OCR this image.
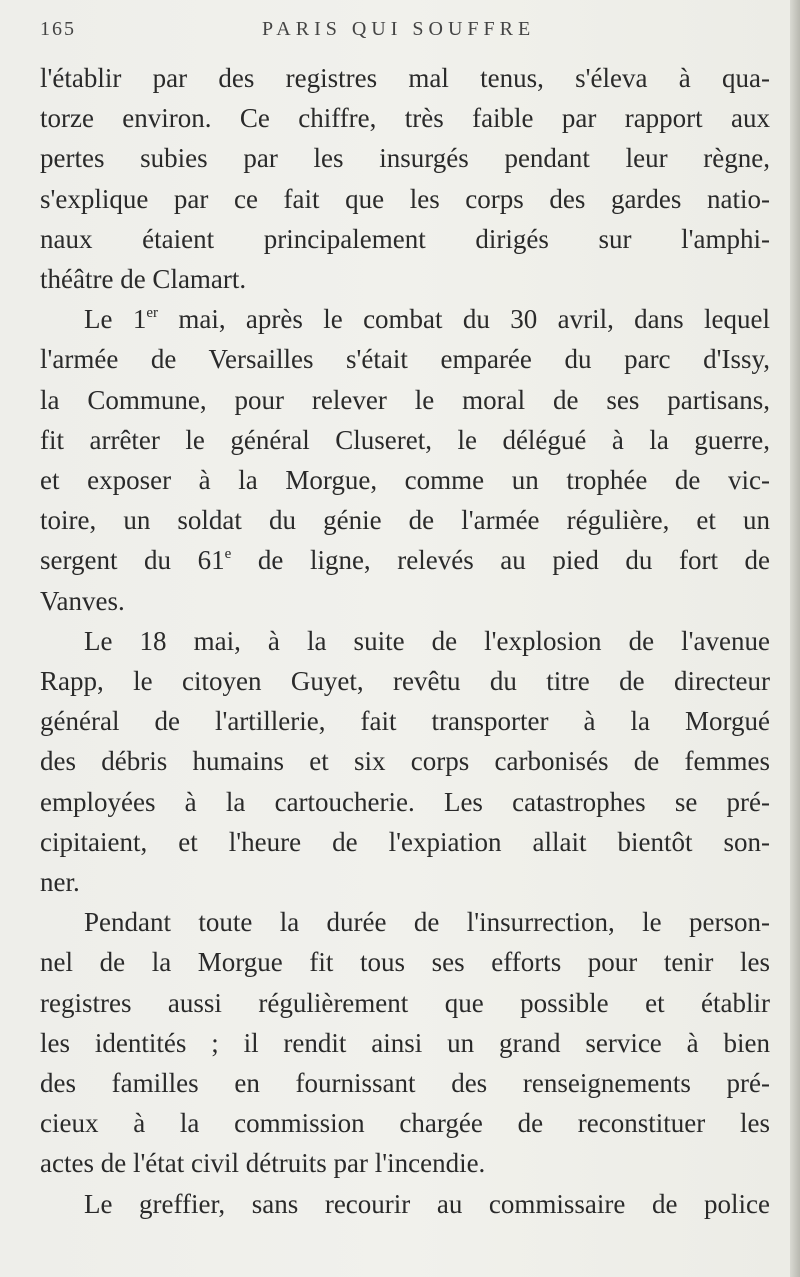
165	PARIS QUI SOUFFRE

l'établir par des registres mal tenus, s'éleva à qua-

torze environ. Ce chiffre, très faible par rapport aux

pertes subies par les insurgés pendant leur règne,

s'explique par ce fait que les corps des gardes natio-

naux étaient principalement dirigés sur l'amphi-

théâtre de Clamart.

Le 1er mai, après le combat du 30 avril, dans lequel

l'armée de Versailles s'était emparée du parc d'Issy,

la Commune, pour relever le moral de ses partisans,

fit arrêter le général Cluseret, le délégué à la guerre,

et exposer à la Morgue, comme un trophée de vic-

toire, un soldat du génie de l'armée régulière, et un

sergent du 61e de ligne, relevés au pied du fort de

Vanves.

Le 18 mai, à la suite de l'explosion de l'avenue

Rapp, le citoyen Guyet, revêtu du titre de directeur

général de l'artillerie, fait transporter à la Morgué

des débris humains et six corps carbonisés de femmes

employées à la cartoucherie. Les catastrophes se pré-

cipitaient, et l'heure de l'expiation allait bientôt son-

ner.

Pendant toute la durée de l'insurrection, le person-

nel de la Morgue fit tous ses efforts pour tenir les

registres aussi régulièrement que possible et établir

les identités ; il rendit ainsi un grand service à bien

des familles en fournissant des renseignements pré-

cieux à la commission chargée de reconstituer les

actes de l'état civil détruits par l'incendie.

Le greffier, sans recourir au commissaire de police
